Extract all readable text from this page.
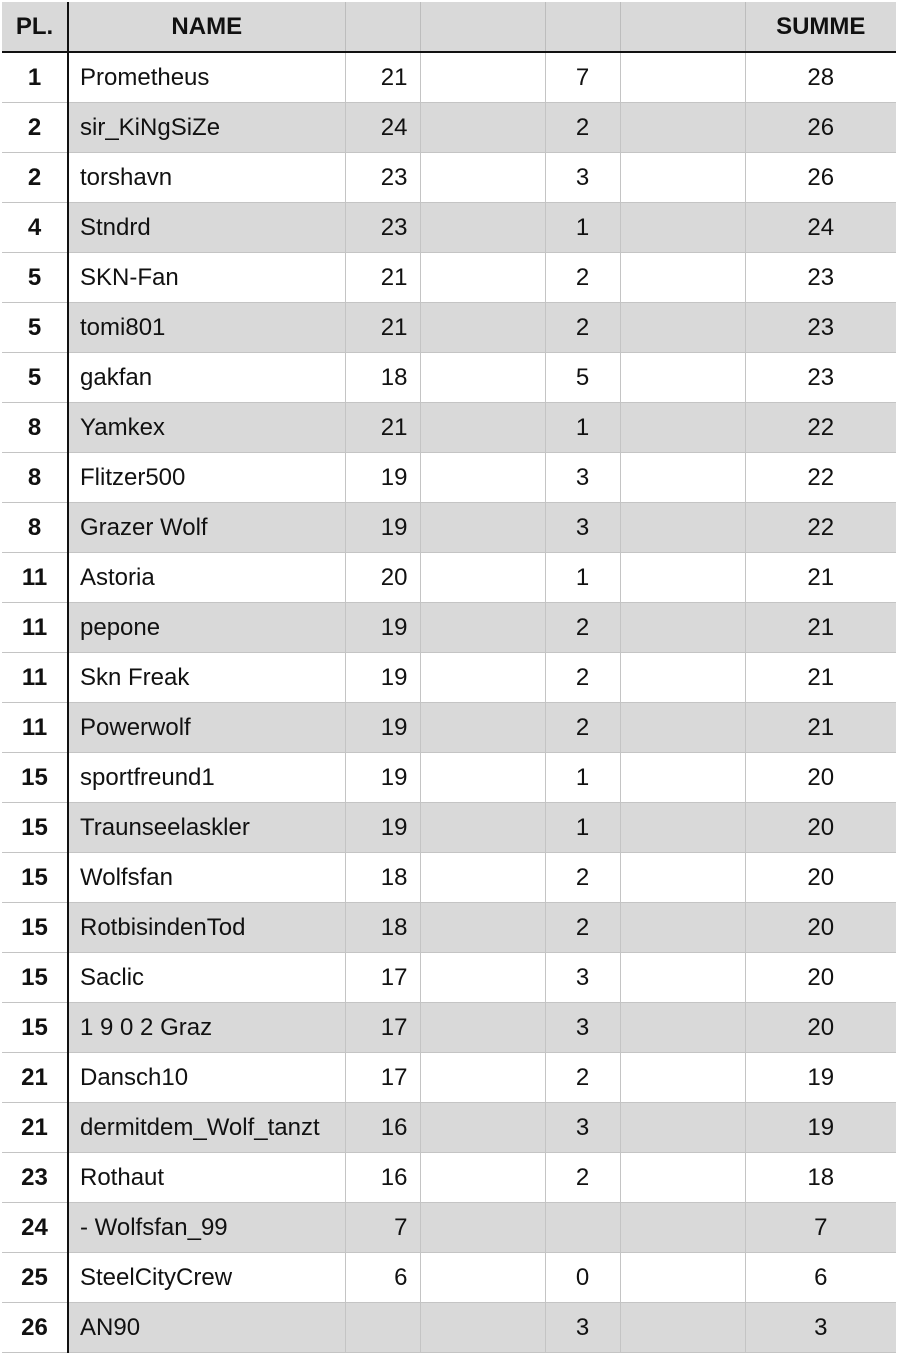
PL.	NAME					SUMME
1	Prometheus	21		7		28
2	sir_KiNgSiZe	24		2		26
2	torshavn	23		3		26
4	Stndrd	23		1		24
5	SKN-Fan	21		2		23
5	tomi801	21		2		23
5	gakfan	18		5		23
8	Yamkex	21		1		22
8	Flitzer500	19		3		22
8	Grazer Wolf	19		3		22
11	Astoria	20		1		21
11	pepone	19		2		21
11	Skn Freak	19		2		21
11	Powerwolf	19		2		21
15	sportfreund1	19		1		20
15	Traunseelaskler	19		1		20
15	Wolfsfan	18		2		20
15	RotbisindenTod	18		2		20
15	Saclic	17		3		20
15	1 9 0 2 Graz	17		3		20
21	Dansch10	17		2		19
21	dermitdem_Wolf_tanzt	16		3		19
23	Rothaut	16		2		18
24	- Wolfsfan_99	7				7
25	SteelCityCrew	6		0		6
26	AN90			3		3
